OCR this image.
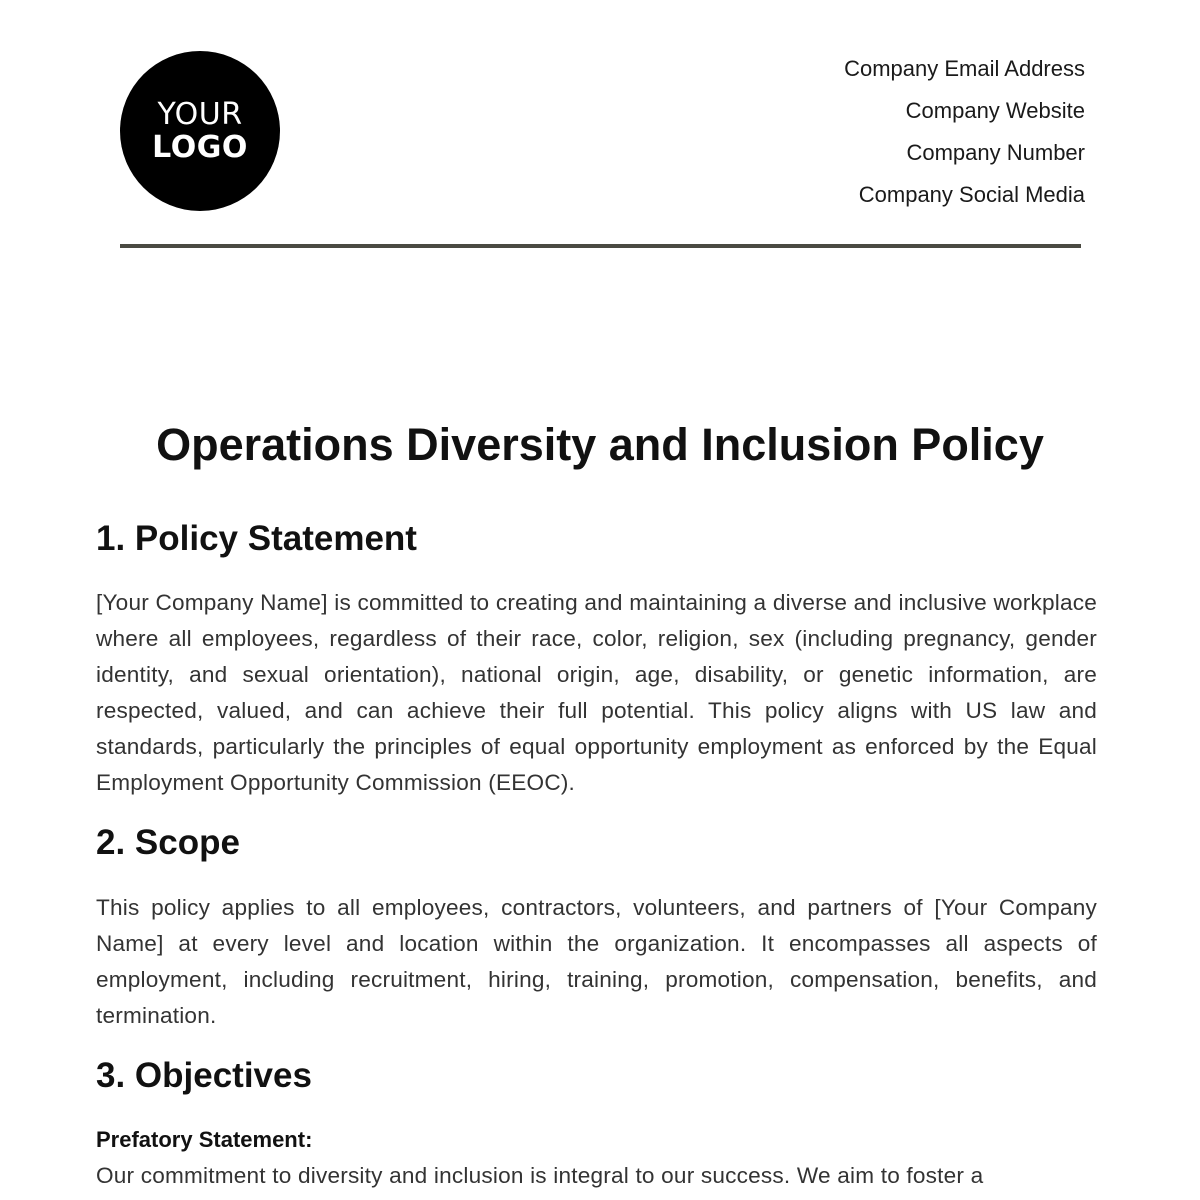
YOUR
LOGO
Company Email Address
Company Website
Company Number
Company Social Media
Operations Diversity and Inclusion Policy
1. Policy Statement

[Your Company Name] is committed to creating and maintaining a diverse and inclusive workplace where all employees, regardless of their race, color, religion, sex (including pregnancy, gender identity, and sexual orientation), national origin, age, disability, or genetic information, are respected, valued, and can achieve their full potential. This policy aligns with US law and standards, particularly the principles of equal opportunity employment as enforced by the Equal Employment Opportunity Commission (EEOC).

2. Scope

This policy applies to all employees, contractors, volunteers, and partners of [Your Company Name] at every level and location within the organization. It encompasses all aspects of employment, including recruitment, hiring, training, promotion, compensation, benefits, and termination.

3. Objectives

Prefatory Statement:

Our commitment to diversity and inclusion is integral to our success. We aim to foster a
